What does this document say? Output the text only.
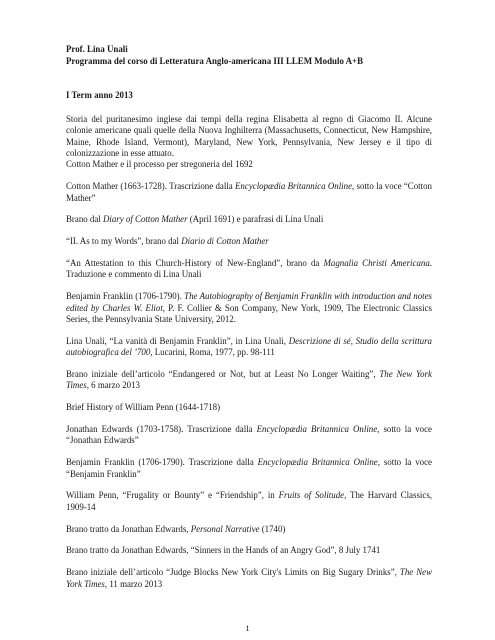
Prof. Lina Unali
Programma del corso di Letteratura Anglo-americana III LLEM Modulo A+B
I Term anno 2013

Storia del puritanesimo inglese dai tempi della regina Elisabetta al regno di Giacomo II. Alcune colonie americane quali quelle della Nuova Inghilterra (Massachusetts, Connecticut, New Hampshire, Maine, Rhode Island, Vermont), Maryland, New York, Pennsylvania, New Jersey e il tipo di colonizzazione in esse attuato.

Cotton Mather e il processo per stregoneria del 1692

Cotton Mather (1663-1728). Trascrizione dalla Encyclopædia Britannica Online, sotto la voce “Cotton Mather”

Brano dal Diary of Cotton Mather (April 1691) e parafrasi di Lina Unali

“II. As to my Words”, brano dal Diario di Cotton Mather

“An Attestation to this Church-History of New-England”, brano da Magnalia Christi Americana. Traduzione e commento di Lina Unali

Benjamin Franklin (1706-1790). The Autobiography of Benjamin Franklin with introduction and notes edited by Charles W. Eliot, P. F. Collier & Son Company, New York, 1909, The Electronic Classics Series, the Pennsylvania State University, 2012.

Lina Unali, “La vanità di Benjamin Franklin”, in Lina Unali, Descrizione di sé, Studio della scrittura autobiografica del ’700, Lucarini, Roma, 1977, pp. 98-111

Brano iniziale dell’articolo “Endangered or Not, but at Least No Longer Waiting”, The New York Times, 6 marzo 2013

Brief History of William Penn (1644-1718)

Jonathan Edwards (1703-1758). Trascrizione dalla Encyclopædia Britannica Online, sotto la voce “Jonathan Edwards”

Benjamin Franklin (1706-1790). Trascrizione dalla Encyclopædia Britannica Online, sotto la voce “Benjamin Franklin”

William Penn, “Frugality or Bounty” e “Friendship”, in Fruits of Solitude, The Harvard Classics, 1909-14

Brano tratto da Jonathan Edwards, Personal Narrative (1740)

Brano tratto da Jonathan Edwards, “Sinners in the Hands of an Angry God”, 8 July 1741

Brano iniziale dell’articolo “Judge Blocks New York City's Limits on Big Sugary Drinks”, The New York Times, 11 marzo 2013

1
